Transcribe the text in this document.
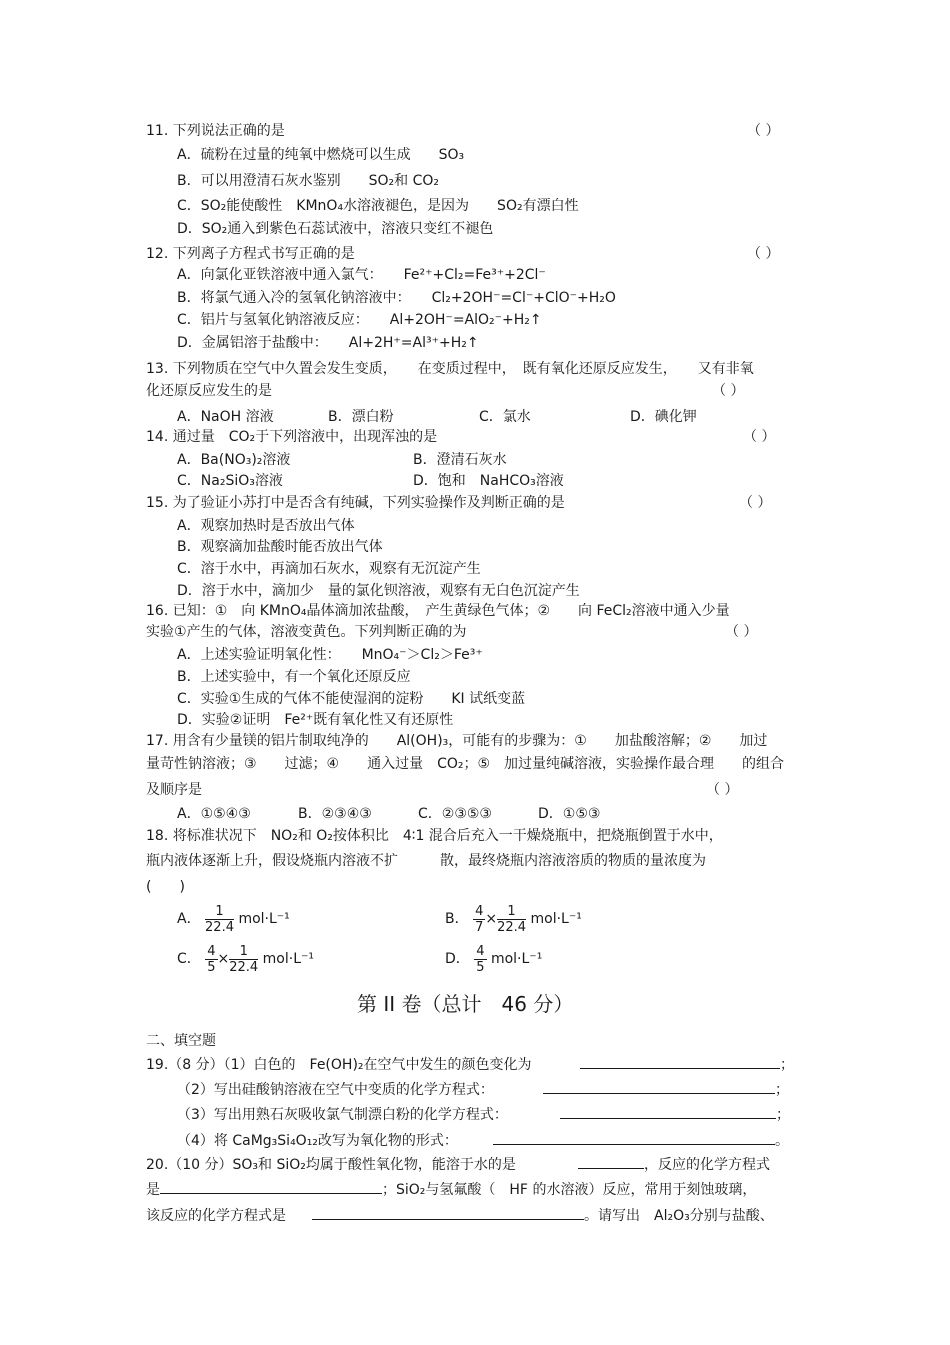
11. 下列说法正确的是	（ ）
A．硫粉在过量的纯氧中燃烧可以生成　　SO₃
B．可以用澄清石灰水鉴别　　SO₂和 CO₂
C．SO₂能使酸性　KMnO₄水溶液褪色，是因为　　SO₂有漂白性
D．SO₂通入到紫色石蕊试液中，溶液只变红不褪色
12. 下列离子方程式书写正确的是	（ ）
A．向氯化亚铁溶液中通入氯气：　　Fe²⁺+Cl₂=Fe³⁺+2Cl⁻
B．将氯气通入冷的氢氧化钠溶液中：　　Cl₂+2OH⁻=Cl⁻+ClO⁻+H₂O
C．铝片与氢氧化钠溶液反应：　　Al+2OH⁻=AlO₂⁻+H₂↑
D．金属铝溶于盐酸中：　　Al+2H⁺=Al³⁺+H₂↑
13. 下列物质在空气中久置会发生变质，　　在变质过程中，　既有氧化还原反应发生，　　又有非氧
化还原反应发生的是	（ ）
A．NaOH 溶液	B．漂白粉	C．氯水	D．碘化钾
14. 通过量　CO₂于下列溶液中，出现浑浊的是	（ ）
A．Ba(NO₃)₂溶液	B．澄清石灰水
C．Na₂SiO₃溶液	D．饱和　NaHCO₃溶液
15. 为了验证小苏打中是否含有纯碱，下列实验操作及判断正确的是	（ ）
A．观察加热时是否放出气体
B．观察滴加盐酸时能否放出气体
C．溶于水中，再滴加石灰水，观察有无沉淀产生
D．溶于水中，滴加少　量的氯化钡溶液，观察有无白色沉淀产生
16. 已知：①　向 KMnO₄晶体滴加浓盐酸，　产生黄绿色气体；②　　向 FeCl₂溶液中通入少量
实验①产生的气体，溶液变黄色。下列判断正确的为	（ ）
A．上述实验证明氧化性：　　MnO₄⁻＞Cl₂＞Fe³⁺
B．上述实验中，有一个氧化还原反应
C．实验①生成的气体不能使湿润的淀粉　　KI 试纸变蓝
D．实验②证明　Fe²⁺既有氧化性又有还原性
17. 用含有少量镁的铝片制取纯净的　　Al(OH)₃，可能有的步骤为：①　　加盐酸溶解；②　　加过
量苛性钠溶液；③　　过滤；④　　通入过量　CO₂；⑤　加过量纯碱溶液，实验操作最合理　　的组合
及顺序是	（ ）
A．①⑤④③	B．②③④③	C．②③⑤③	D．①⑤③
18. 将标准状况下　NO₂和 O₂按体积比　4∶1 混合后充入一干燥烧瓶中，把烧瓶倒置于水中，
瓶内液体逐渐上升，假设烧瓶内溶液不扩　　　散，最终烧瓶内溶液溶质的物质的量浓度为
(　　)
A． $\frac{1}{22.4} mol\cdot L^{-1}$	B． $\frac{4}{7} \times \frac{1}{22.4} mol\cdot L^{-1}$
C． $\frac{4}{5} \times \frac{1}{22.4} mol\cdot L^{-1}$	D． $\frac{4}{5} mol\cdot L^{-1}$
第 II 卷（总计　46 分）
二、填空题
19.（8 分）（1）白色的　Fe(OH)₂在空气中发生的颜色变化为	；
（2）写出硅酸钠溶液在空气中变质的化学方程式：	；
（3）写出用熟石灰吸收氯气制漂白粉的化学方程式：	；
（4）将 CaMg₃Si₄O₁₂改写为氧化物的形式：	。
20.（10 分）SO₃和 SiO₂均属于酸性氧化物，能溶于水的是	，反应的化学方程式
是	；SiO₂与氢氟酸（　HF 的水溶液）反应，常用于刻蚀玻璃，
该反应的化学方程式是	。请写出　Al₂O₃分别与盐酸、
